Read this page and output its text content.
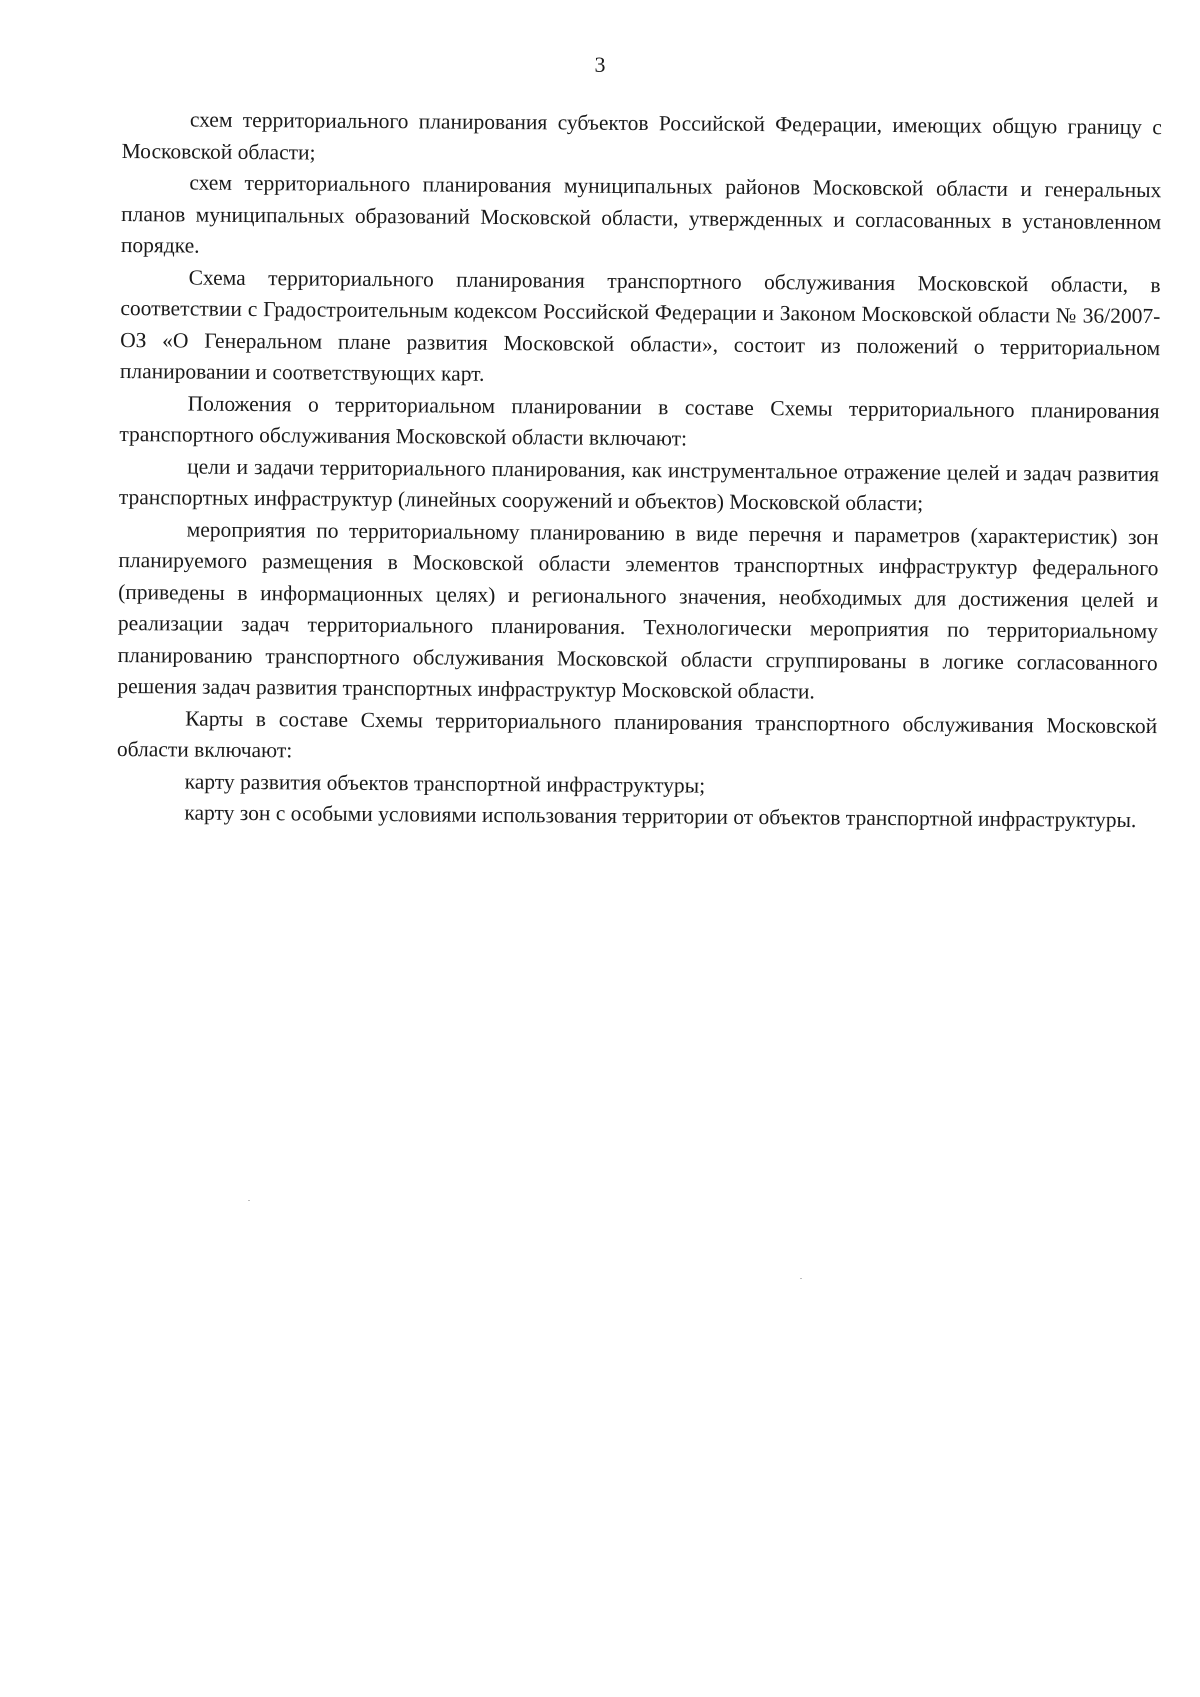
3

схем территориального планирования субъектов Российской Федерации, имеющих общую границу с Московской области;

схем территориального планирования муниципальных районов Московской области и генеральных планов муниципальных образований Московской области, утвержденных и согласованных в установленном порядке.

Схема территориального планирования транспортного обслуживания Московской области, в соответствии с Градостроительным кодексом Российской Федерации и Законом Московской области № 36/2007-ОЗ «О Генеральном плане развития Московской области», состоит из положений о территориальном планировании и соответствующих карт.

Положения о территориальном планировании в составе Схемы территориального планирования транспортного обслуживания Московской области включают:

цели и задачи территориального планирования, как инструментальное отражение целей и задач развития транспортных инфраструктур (линейных сооружений и объектов) Московской области;

мероприятия по территориальному планированию в виде перечня и параметров (характеристик) зон планируемого размещения в Московской области элементов транспортных инфраструктур федерального (приведены в информационных целях) и регионального значения, необходимых для достижения целей и реализации задач территориального планирования. Технологически мероприятия по территориальному планированию транспортного обслуживания Московской области сгруппированы в логике согласованного решения задач развития транспортных инфраструктур Московской области.

Карты в составе Схемы территориального планирования транспортного обслуживания Московской области включают:

карту развития объектов транспортной инфраструктуры;

карту зон с особыми условиями использования территории от объектов транспортной инфраструктуры.
